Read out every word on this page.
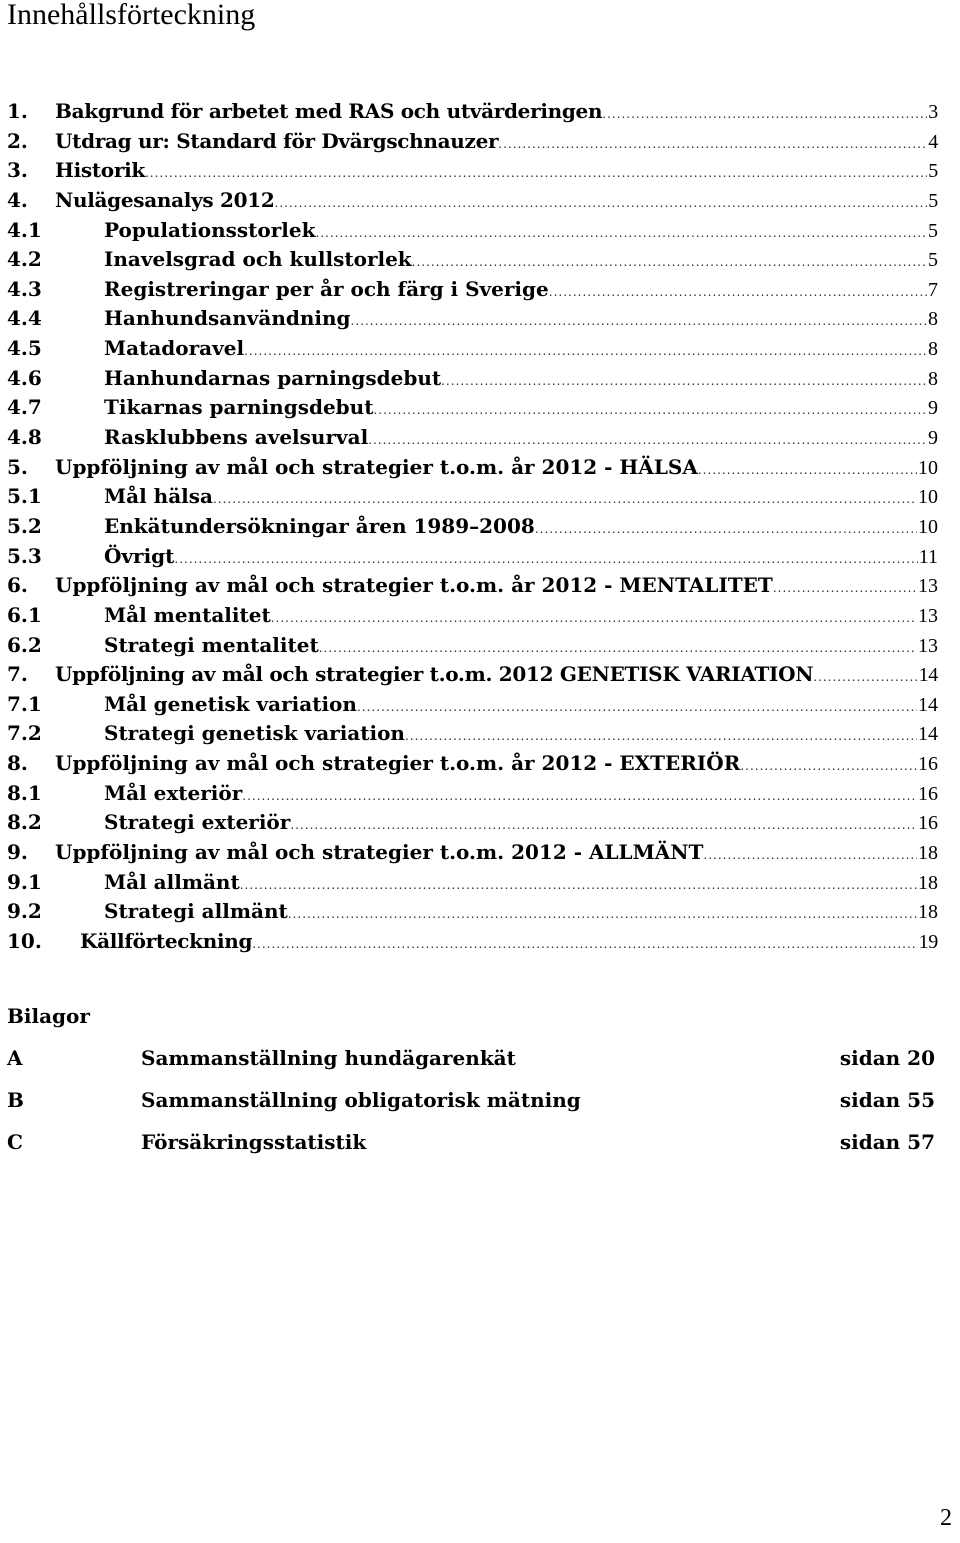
Innehållsförteckning
1. Bakgrund för arbetet med RAS och utvärderingen .....	3
2. Utdrag ur: Standard för Dvärgschnauzer .....	4
3. Historik .....	5
4. Nulägesanalys 2012 .....	5
4.1	Populationsstorlek .....	5
4.2	Inavelsgrad och kullstorlek .....	5
4.3	Registreringar per år och färg i Sverige .....	7
4.4	Hanhundsanvändning .....	8
4.5	Matadoravel .....	8
4.6	Hanhundarnas parningsdebut .....	8
4.7	Tikarnas parningsdebut .....	9
4.8	Rasklubbens avelsurval .....	9
5. Uppföljning av mål och strategier t.o.m. år 2012 - HÄLSA .....	10
5.1	Mål hälsa .....	10
5.2	Enkätundersökningar åren 1989–2008 .....	10
5.3	Övrigt .....	11
6. Uppföljning av mål och strategier t.o.m. år 2012 - MENTALITET .....	13
6.1	Mål mentalitet .....	13
6.2	Strategi mentalitet .....	13
7. Uppföljning av mål och strategier t.o.m. 2012 GENETISK VARIATION .....	14
7.1	Mål genetisk variation .....	14
7.2	Strategi genetisk variation .....	14
8. Uppföljning av mål och strategier t.o.m. år 2012 - EXTERIÖR .....	16
8.1	Mål exteriör .....	16
8.2	Strategi exteriör .....	16
9. Uppföljning av mål och strategier t.o.m. 2012 - ALLMÄNT .....	18
9.1	Mål allmänt .....	18
9.2	Strategi allmänt .....	18
10. Källförteckning .....	19
Bilagor
A	Sammanställning hundägarenkät	sidan 20
B	Sammanställning obligatorisk mätning	sidan 55
C	Försäkringsstatistik	sidan 57
2
